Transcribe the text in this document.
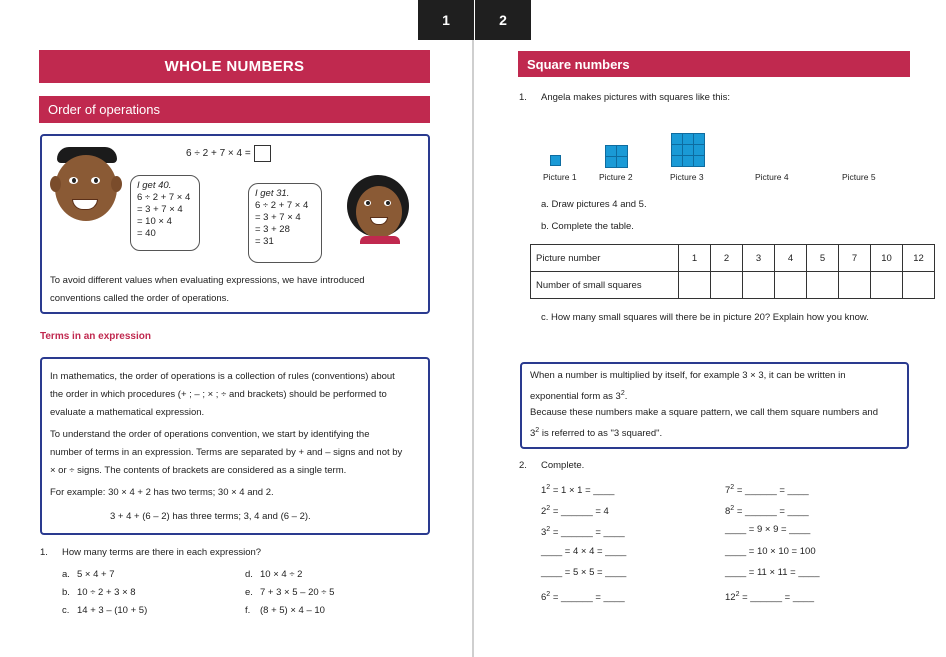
1	2
WHOLE NUMBERS
Order of operations
6 ÷ 2 + 7 × 4 =
I get 40.
6 ÷ 2 + 7 × 4
= 3 + 7 × 4
= 10 × 4
= 40
I get 31.
6 ÷ 2 + 7 × 4
= 3 + 7 × 4
= 3 + 28
= 31
To avoid different values when evaluating expressions, we have introduced
conventions called the order of operations.
Terms in an expression
In mathematics, the order of operations is a collection of rules (conventions) about
the order in which procedures (+ ; – ; × ; ÷ and brackets) should be performed to
evaluate a mathematical expression.
To understand the order of operations convention, we start by identifying the
number of terms in an expression. Terms are separated by + and – signs and not by
× or ÷ signs. The contents of brackets are considered as a single term.
For example: 30 × 4 + 2 has two terms; 30 × 4 and 2.
3 + 4 + (6 – 2) has three terms; 3, 4 and (6 – 2).
1. How many terms are there in each expression?
a. 5 × 4 + 7
b. 10 ÷ 2 + 3 × 8
c. 14 + 3 – (10 + 5)
d. 10 × 4 ÷ 2
e. 7 + 3 × 5 – 20 ÷ 5
f. (8 + 5) × 4 – 10
Square numbers
1. Angela makes pictures with squares like this:
Picture 1	Picture 2	Picture 3	Picture 4	Picture 5
a. Draw pictures 4 and 5.
b. Complete the table.
Picture number	1	2	3	4	5	7	10	12
Number of small squares								
c. How many small squares will there be in picture 20? Explain how you know.
When a number is multiplied by itself, for example 3 × 3, it can be written in
exponential form as $3^2$.
Because these numbers make a square pattern, we call them square numbers and
$3^2$ is referred to as "3 squared".
2. Complete.
$1^2 = 1 \times 1$ = ____
$2^2$ = ______ = 4
$3^2$ = ______ = ____
____ = 4 × 4 = ____
____ = 5 × 5 = ____
$6^2$ = ______ = ____
$7^2$ = ______ = ____
$8^2$ = ______ = ____
____ = 9 × 9 = ____
____ = 10 × 10 = 100
____ = 11 × 11 = ____
$12^2$ = ______ = ____
